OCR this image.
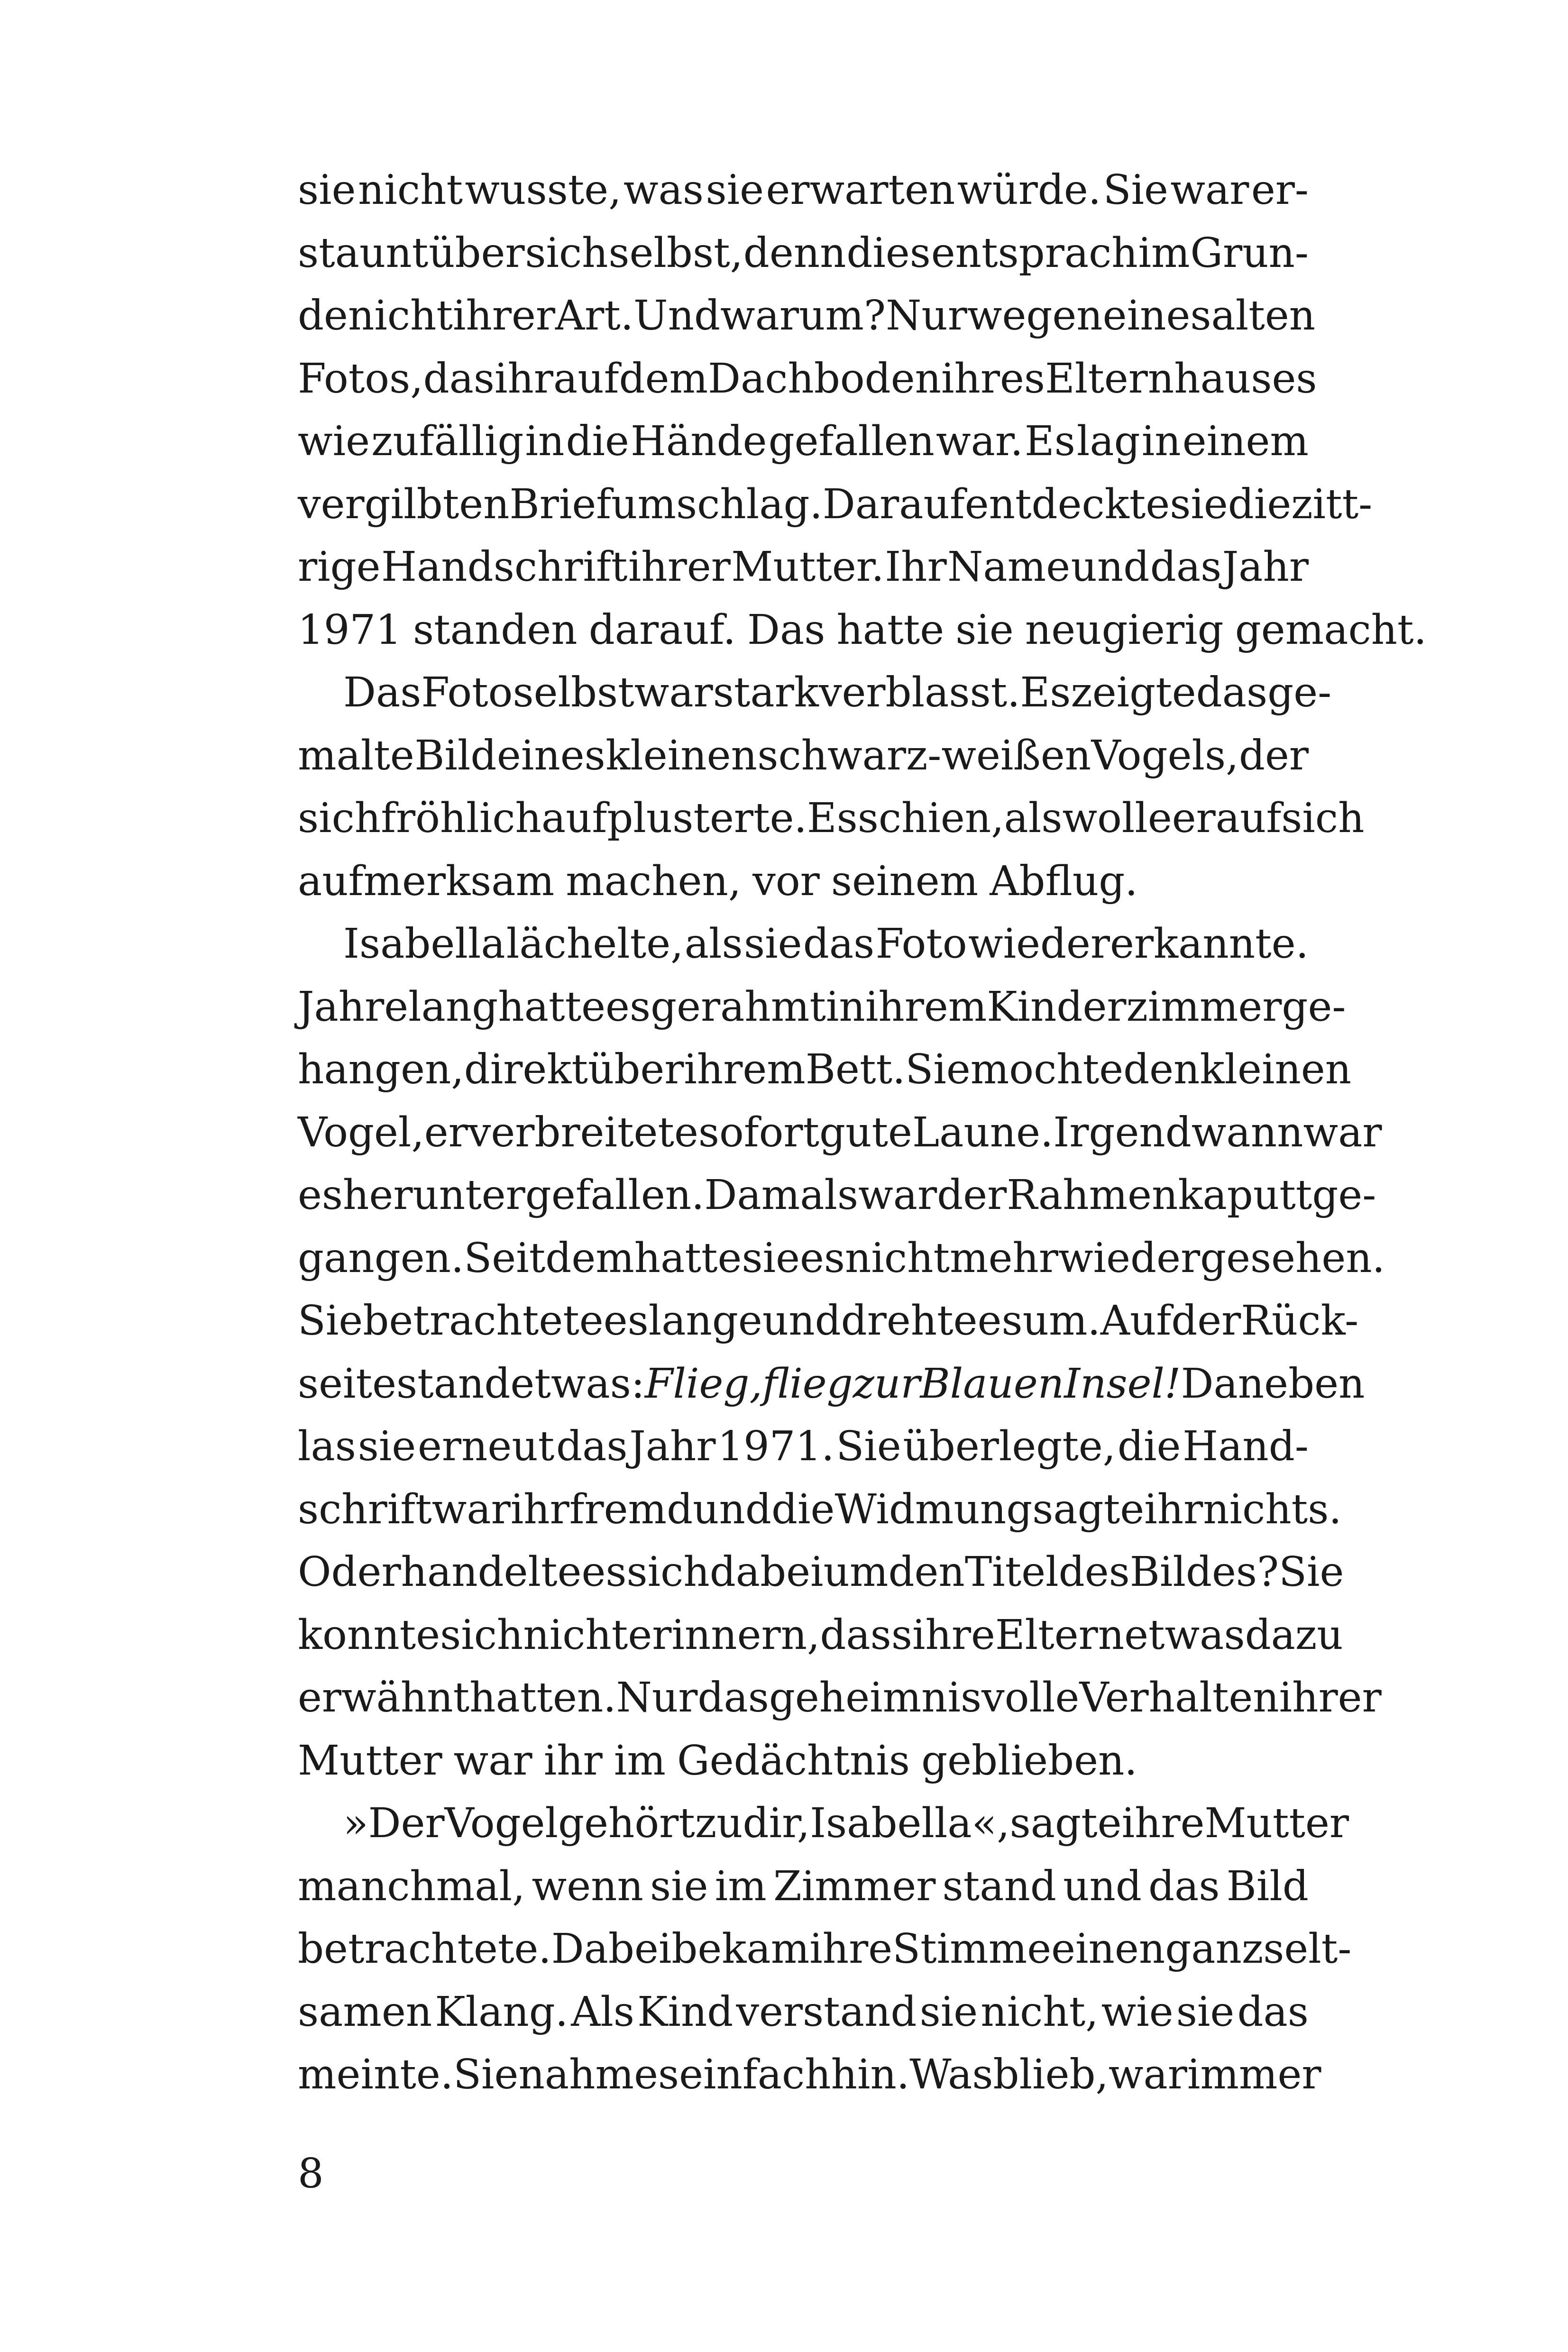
sie nicht wusste, was sie erwarten würde. Sie war er-
staunt über sich selbst, denn dies entsprach im Grun-
de nicht ihrer Art. Und warum? Nur wegen eines alten
Fotos, das ihr auf dem Dachboden ihres Elternhauses
wie zufällig in die Hände gefallen war. Es lag in einem
vergilbten Briefumschlag. Darauf entdeckte sie die zitt-
rige Handschrift ihrer Mutter. Ihr Name und das Jahr
1971 standen darauf. Das hatte sie neugierig gemacht.
Das Foto selbst war stark verblasst. Es zeigte das ge-
malte Bild eines kleinen schwarz-weißen Vogels, der
sich fröhlich aufplusterte. Es schien, als wolle er auf sich
aufmerksam machen, vor seinem Abflug.
Isabella lächelte, als sie das Foto wiedererkannte.
Jahrelang hatte es gerahmt in ihrem Kinderzimmer ge-
hangen, direkt über ihrem Bett. Sie mochte den kleinen
Vogel, er verbreitete sofort gute Laune. Irgendwann war
es heruntergefallen. Damals war der Rahmen kaputtge-
gangen. Seitdem hatte sie es nicht mehr wiedergesehen.
Sie betrachtete es lange und drehte es um. Auf der Rück-
seite stand etwas: Flieg, flieg zur Blauen Insel! Daneben
las sie erneut das Jahr 1971. Sie überlegte, die Hand-
schrift war ihr fremd und die Widmung sagte ihr nichts.
Oder handelte es sich dabei um den Titel des Bildes? Sie
konnte sich nicht erinnern, dass ihre Eltern etwas dazu
erwähnt hatten. Nur das geheimnisvolle Verhalten ihrer
Mutter war ihr im Gedächtnis geblieben.
»Der Vogel gehört zu dir, Isabella«, sagte ihre Mutter
manchmal, wenn sie im Zimmer stand und das Bild
betrachtete. Dabei bekam ihre Stimme einen ganz selt-
samen Klang. Als Kind verstand sie nicht, wie sie das
meinte. Sie nahm es einfach hin. Was blieb, war immer
8
